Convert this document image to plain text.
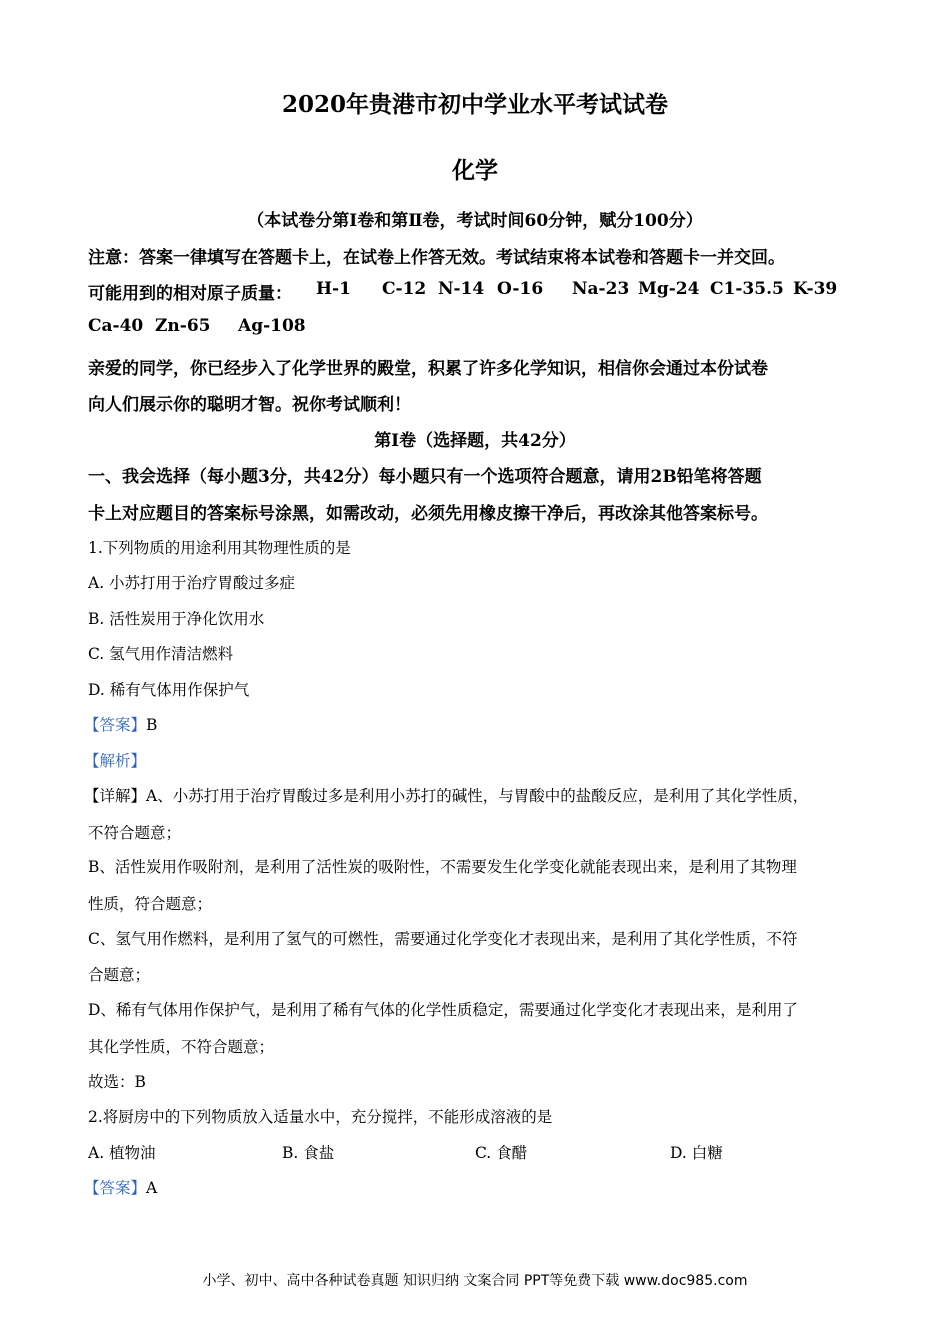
2020年贵港市初中学业水平考试试卷
化学
（本试卷分第Ⅰ卷和第Ⅱ卷，考试时间60分钟，赋分100分）
注意：答案一律填写在答题卡上，在试卷上作答无效。考试结束将本试卷和答题卡一并交回。
可能用到的相对原子质量： H-1 C-12 N-14 O-16 Na-23 Mg-24 C1-35.5 K-39
Ca-40 Zn-65 Ag-108
亲爱的同学，你已经步入了化学世界的殿堂，积累了许多化学知识，相信你会通过本份试卷
向人们展示你的聪明才智。祝你考试顺利！
第I卷（选择题，共42分）
一、我会选择（每小题3分，共42分）每小题只有一个选项符合题意，请用2B铅笔将答题
卡上对应题目的答案标号涂黑，如需改动，必须先用橡皮擦干净后，再改涂其他答案标号。
1.下列物质的用途利用其物理性质的是
A. 小苏打用于治疗胃酸过多症
B. 活性炭用于净化饮用水
C. 氢气用作清洁燃料
D. 稀有气体用作保护气
【答案】B
【解析】
【详解】A、小苏打用于治疗胃酸过多是利用小苏打的碱性，与胃酸中的盐酸反应，是利用了其化学性质，
不符合题意；
B、活性炭用作吸附剂，是利用了活性炭的吸附性，不需要发生化学变化就能表现出来，是利用了其物理
性质，符合题意；
C、氢气用作燃料，是利用了氢气的可燃性，需要通过化学变化才表现出来，是利用了其化学性质，不符
合题意；
D、稀有气体用作保护气，是利用了稀有气体的化学性质稳定，需要通过化学变化才表现出来，是利用了
其化学性质，不符合题意；
故选：B
2.将厨房中的下列物质放入适量水中，充分搅拌，不能形成溶液的是
A. 植物油	B. 食盐	C. 食醋	D. 白糖
【答案】A
小学、初中、高中各种试卷真题 知识归纳 文案合同 PPT等免费下载 www.doc985.com
